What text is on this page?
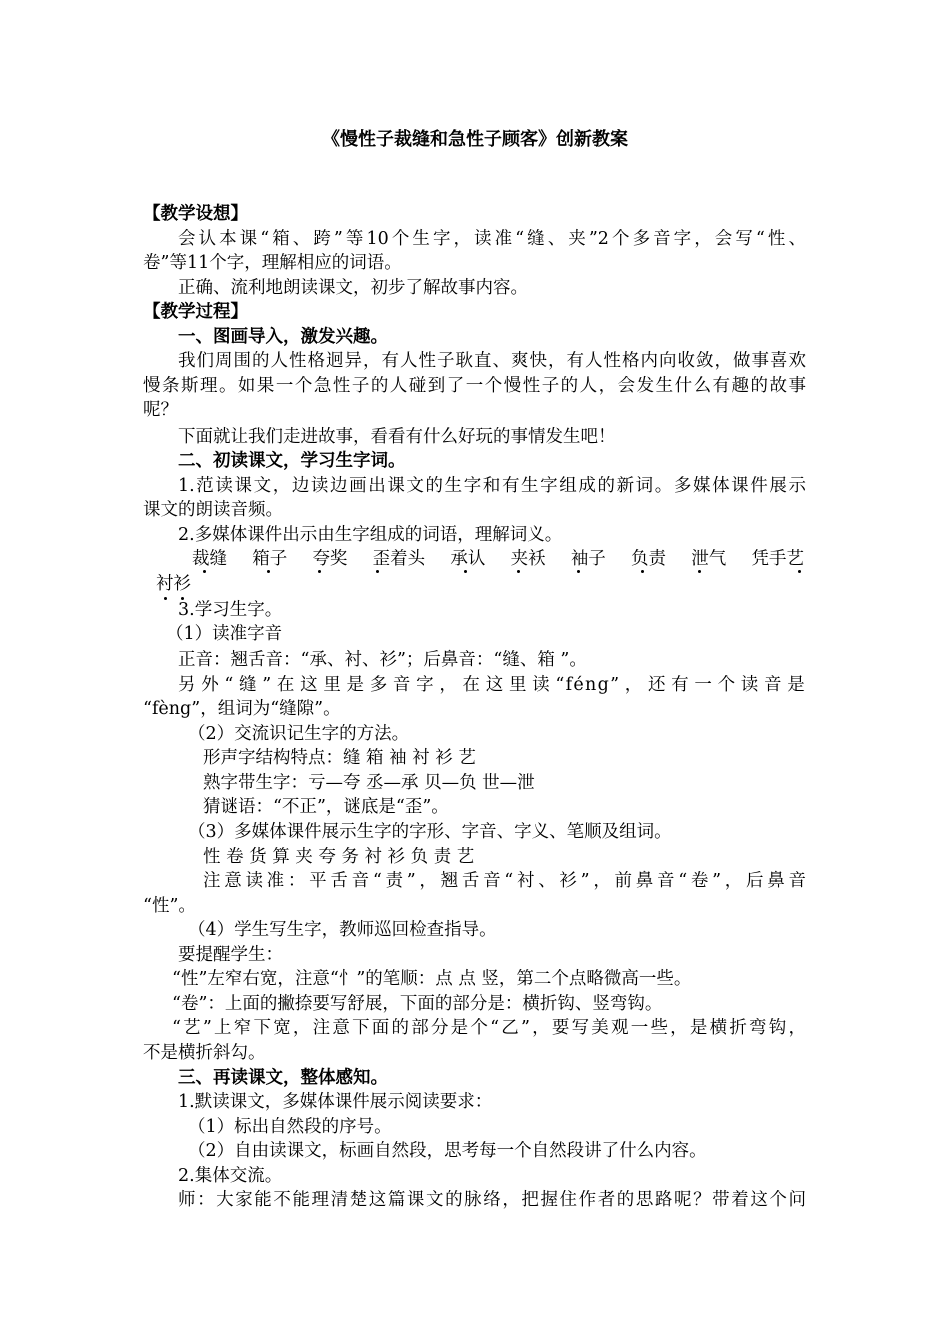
《慢性子裁缝和急性子顾客》创新教案
【教学设想】
会认本课“箱、跨”等10个生字，读准“缝、夹”2个多音字，会写“性、
卷”等11个字，理解相应的词语。
正确、流利地朗读课文，初步了解故事内容。
【教学过程】
一、图画导入，激发兴趣。
我们周围的人性格迥异，有人性子耿直、爽快，有人性格内向收敛，做事喜欢
慢条斯理。如果一个急性子的人碰到了一个慢性子的人，会发生什么有趣的故事
呢？
下面就让我们走进故事，看看有什么好玩的事情发生吧！
二、初读课文，学习生字词。
1.范读课文，边读边画出课文的生字和有生字组成的新词。多媒体课件展示
课文的朗读音频。
2.多媒体课件出示由生字组成的词语，理解词义。
裁缝 箱子 夸奖 歪着头 承认 夹袄 袖子 负责 泄气 凭手艺
衬衫
3.学习生字。
（1）读准字音
正音：翘舌音：“承、衬、衫”；后鼻音：“缝、箱 ”。
另外“缝”在这里是多音字，在这里读“féng”，还有一个读音是
“fèng”，组词为“缝隙”。
（2）交流识记生字的方法。
形声字结构特点：缝 箱 袖 衬 衫 艺
熟字带生字：亏—夸 丞—承 贝—负 世—泄
猜谜语：“不正”，谜底是“歪”。
（3）多媒体课件展示生字的字形、字音、字义、笔顺及组词。
性 卷 货 算 夹 夸 务 衬 衫 负 责 艺
注意读准：平舌音“责”，翘舌音“衬、衫”，前鼻音“卷”，后鼻音
“性”。
（4）学生写生字，教师巡回检查指导。
要提醒学生：
“性”左窄右宽，注意“忄”的笔顺：点 点 竖，第二个点略微高一些。
“卷”：上面的撇捺要写舒展，下面的部分是：横折钩、竖弯钩。
“艺”上窄下宽，注意下面的部分是个“乙”，要写美观一些，是横折弯钩，
不是横折斜勾。
三、再读课文，整体感知。
1.默读课文，多媒体课件展示阅读要求：
（1）标出自然段的序号。
（2）自由读课文，标画自然段，思考每一个自然段讲了什么内容。
2.集体交流。
师：大家能不能理清楚这篇课文的脉络，把握住作者的思路呢？带着这个问
